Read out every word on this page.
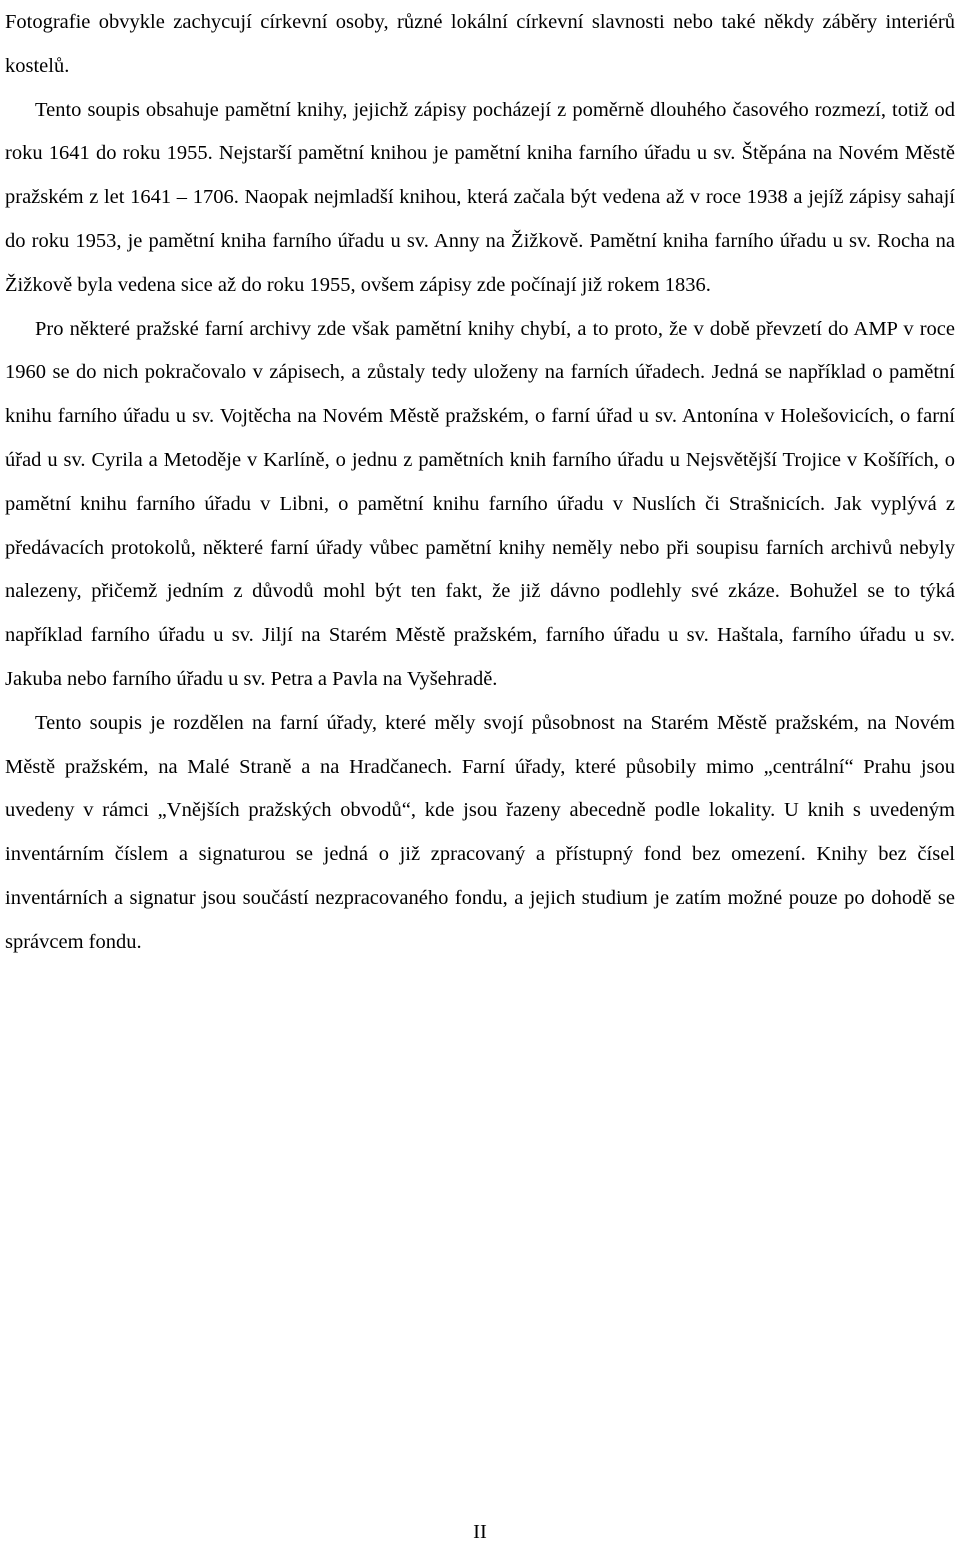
Fotografie obvykle zachycují církevní osoby, různé lokální církevní slavnosti nebo také někdy záběry interiérů kostelů.

Tento soupis obsahuje pamětní knihy, jejichž zápisy pocházejí z poměrně dlouhého časového rozmezí, totiž od roku 1641 do roku 1955. Nejstarší pamětní knihou je pamětní kniha farního úřadu u sv. Štěpána na Novém Městě pražském z let 1641 – 1706. Naopak nejmladší knihou, která začala být vedena až v roce 1938 a jejíž zápisy sahají do roku 1953, je pamětní kniha farního úřadu u sv. Anny na Žižkově. Pamětní kniha farního úřadu u sv. Rocha na Žižkově byla vedena sice až do roku 1955, ovšem zápisy zde počínají již rokem 1836.

Pro některé pražské farní archivy zde však pamětní knihy chybí, a to proto, že v době převzetí do AMP v roce 1960 se do nich pokračovalo v zápisech, a zůstaly tedy uloženy na farních úřadech. Jedná se například o pamětní knihu farního úřadu u sv. Vojtěcha na Novém Městě pražském, o farní úřad u sv. Antonína v Holešovicích, o farní úřad u sv. Cyrila a Metoděje v Karlíně, o jednu z pamětních knih farního úřadu u Nejsvětější Trojice v Košířích, o pamětní knihu farního úřadu v Libni, o pamětní knihu farního úřadu v Nuslích či Strašnicích. Jak vyplývá z předávacích protokolů, některé farní úřady vůbec pamětní knihy neměly nebo při soupisu farních archivů nebyly nalezeny, přičemž jedním z důvodů mohl být ten fakt, že již dávno podlehly své zkáze. Bohužel se to týká například farního úřadu u sv. Jiljí na Starém Městě pražském, farního úřadu u sv. Haštala, farního úřadu u sv. Jakuba nebo farního úřadu u sv. Petra a Pavla na Vyšehradě.

Tento soupis je rozdělen na farní úřady, které měly svojí působnost na Starém Městě pražském, na Novém Městě pražském, na Malé Straně a na Hradčanech. Farní úřady, které působily mimo „centrální“ Prahu jsou uvedeny v rámci „Vnějších pražských obvodů“, kde jsou řazeny abecedně podle lokality. U knih s uvedeným inventárním číslem a signaturou se jedná o již zpracovaný a přístupný fond bez omezení. Knihy bez čísel inventárních a signatur jsou součástí nezpracovaného fondu, a jejich studium je zatím možné pouze po dohodě se správcem fondu.

II
